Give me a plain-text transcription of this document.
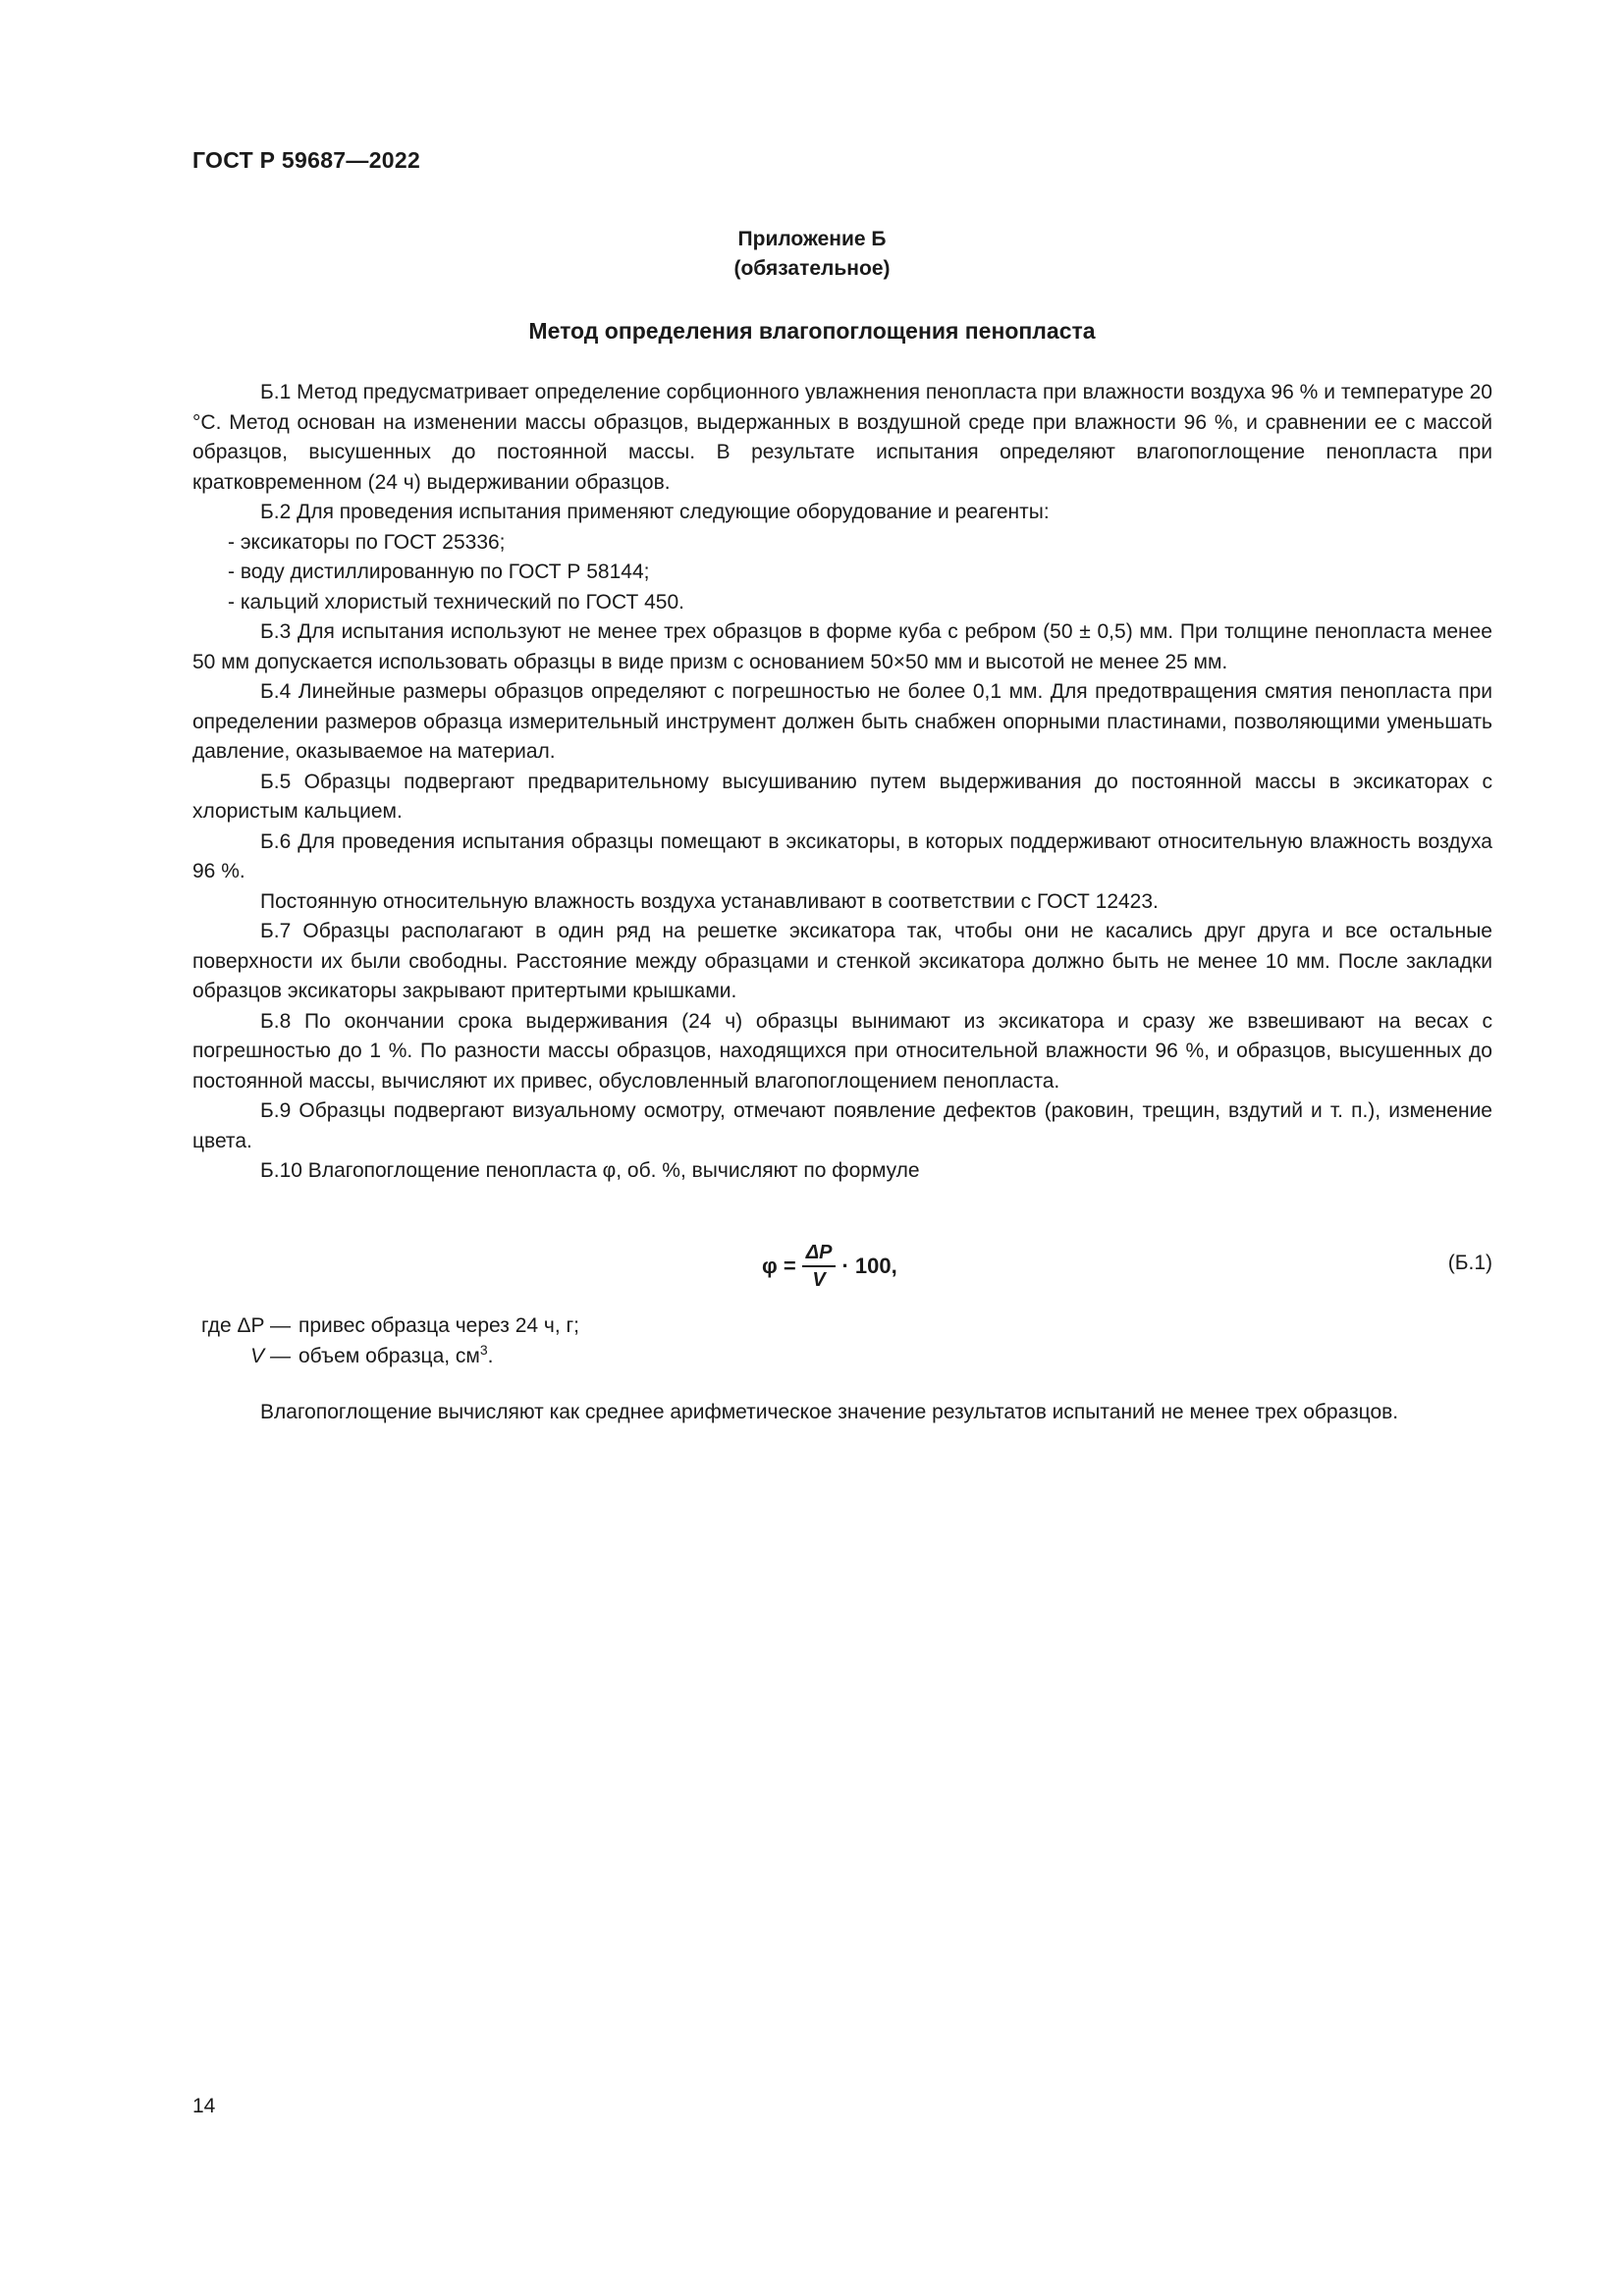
ГОСТ Р 59687—2022
Приложение Б
(обязательное)
Метод определения влагопоглощения пенопласта

Б.1 Метод предусматривает определение сорбционного увлажнения пенопласта при влажности воздуха 96 % и температуре 20 °С. Метод основан на изменении массы образцов, выдержанных в воздушной среде при влажности 96 %, и сравнении ее с массой образцов, высушенных до постоянной массы. В результате испытания определяют влагопоглощение пенопласта при кратковременном (24 ч) выдерживании образцов.

Б.2 Для проведения испытания применяют следующие оборудование и реагенты:

- эксикаторы по ГОСТ 25336;

- воду дистиллированную по ГОСТ Р 58144;

- кальций хлористый технический по ГОСТ 450.

Б.3 Для испытания используют не менее трех образцов в форме куба с ребром (50 ± 0,5) мм. При толщине пенопласта менее 50 мм допускается использовать образцы в виде призм с основанием 50×50 мм и высотой не менее 25 мм.

Б.4 Линейные размеры образцов определяют с погрешностью не более 0,1 мм. Для предотвращения смятия пенопласта при определении размеров образца измерительный инструмент должен быть снабжен опорными пластинами, позволяющими уменьшать давление, оказываемое на материал.

Б.5 Образцы подвергают предварительному высушиванию путем выдерживания до постоянной массы в эксикаторах с хлористым кальцием.

Б.6 Для проведения испытания образцы помещают в эксикаторы, в которых поддерживают относительную влажность воздуха 96 %.

Постоянную относительную влажность воздуха устанавливают в соответствии с ГОСТ 12423.

Б.7 Образцы располагают в один ряд на решетке эксикатора так, чтобы они не касались друг друга и все остальные поверхности их были свободны. Расстояние между образцами и стенкой эксикатора должно быть не менее 10 мм. После закладки образцов эксикаторы закрывают притертыми крышками.

Б.8 По окончании срока выдерживания (24 ч) образцы вынимают из эксикатора и сразу же взвешивают на весах с погрешностью до 1 %. По разности массы образцов, находящихся при относительной влажности 96 %, и образцов, высушенных до постоянной массы, вычисляют их привес, обусловленный влагопоглощением пенопласта.

Б.9 Образцы подвергают визуальному осмотру, отмечают появление дефектов (раковин, трещин, вздутий и т. п.), изменение цвета.

Б.10 Влагопоглощение пенопласта φ, об. %, вычисляют по формуле

$\varphi = \frac{\Delta P}{V} \cdot 100$,	(Б.1)
где ΔP — привес образца через 24 ч, г;
V — объем образца, $см^3$.
Влагопоглощение вычисляют как среднее арифметическое значение результатов испытаний не менее трех образцов.
14
